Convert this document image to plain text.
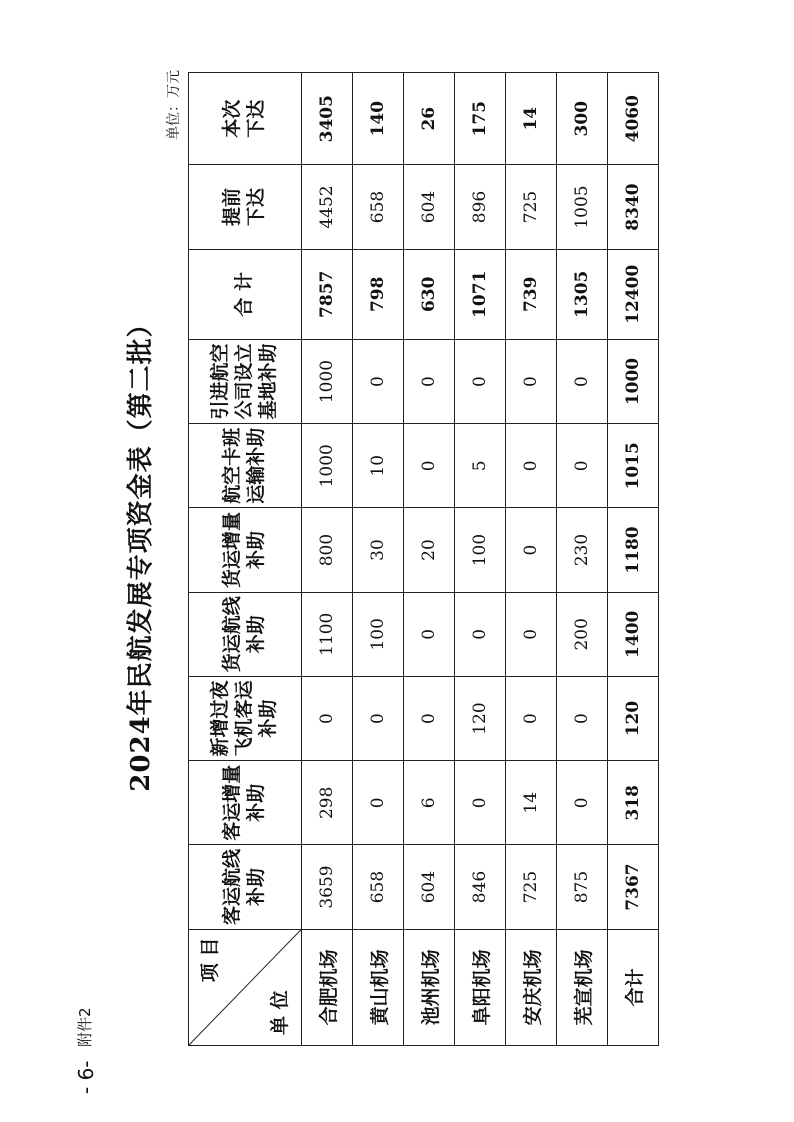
- 6-
附件2
2024年民航发展专项资金表（第二批）
单位：万元
项 目
单 位	客运航线补助	客运增量补助	新增过夜飞机客运补助	货运航线补助	货运增量补助	航空卡班运输补助	引进航空公司设立基地补助	合 计	提前下达	本次下达
合肥机场	3659	298	0	1100	800	1000	1000	7857	4452	3405
黄山机场	658	0	0	100	30	10	0	798	658	140
池州机场	604	6	0	0	20	0	0	630	604	26
阜阳机场	846	0	120	0	100	5	0	1071	896	175
安庆机场	725	14	0	0	0	0	0	739	725	14
芜宣机场	875	0	0	200	230	0	0	1305	1005	300
合计	7367	318	120	1400	1180	1015	1000	12400	8340	4060
